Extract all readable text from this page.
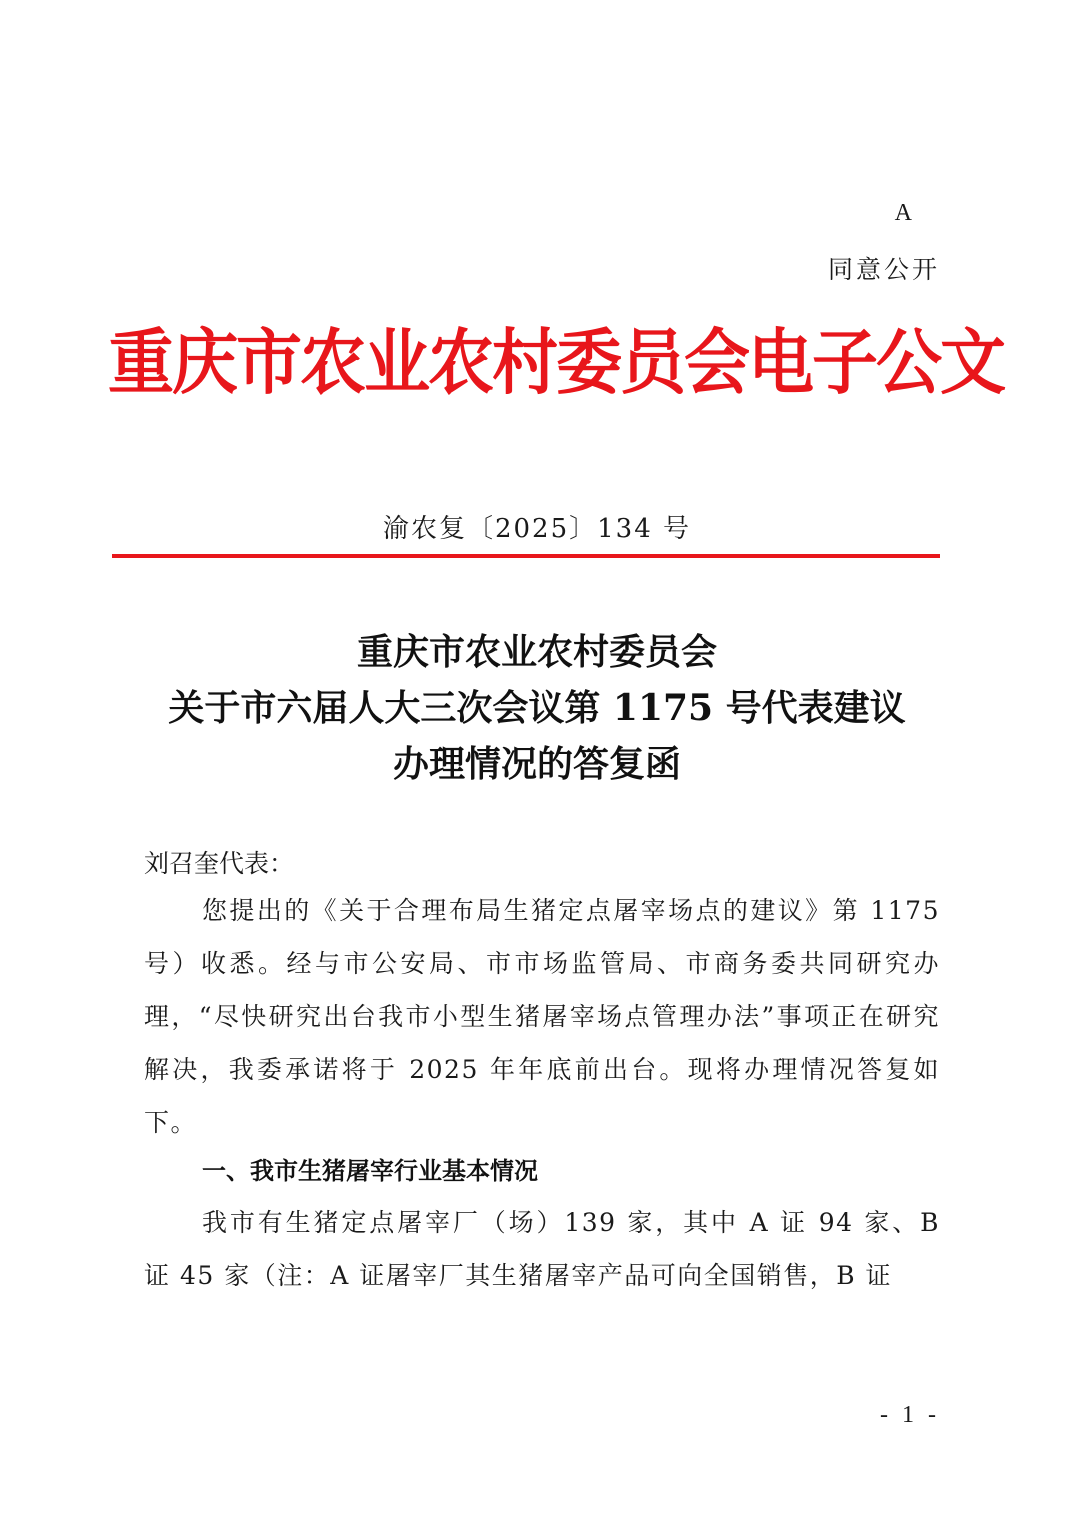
A
同意公开
重庆市农业农村委员会电子公文
渝农复〔2025〕134 号
重庆市农业农村委员会
关于市六届人大三次会议第 1175 号代表建议
办理情况的答复函
刘召奎代表：
您提出的《关于合理布局生猪定点屠宰场点的建议》第 1175 号）收悉。经与市公安局、市市场监管局、市商务委共同研究办理，“尽快研究出台我市小型生猪屠宰场点管理办法”事项正在研究解决，我委承诺将于 2025 年年底前出台。现将办理情况答复如下。
一、我市生猪屠宰行业基本情况
我市有生猪定点屠宰厂（场）139 家，其中 A 证 94 家、B 证 45 家（注：A 证屠宰厂其生猪屠宰产品可向全国销售，B 证
- 1 -
